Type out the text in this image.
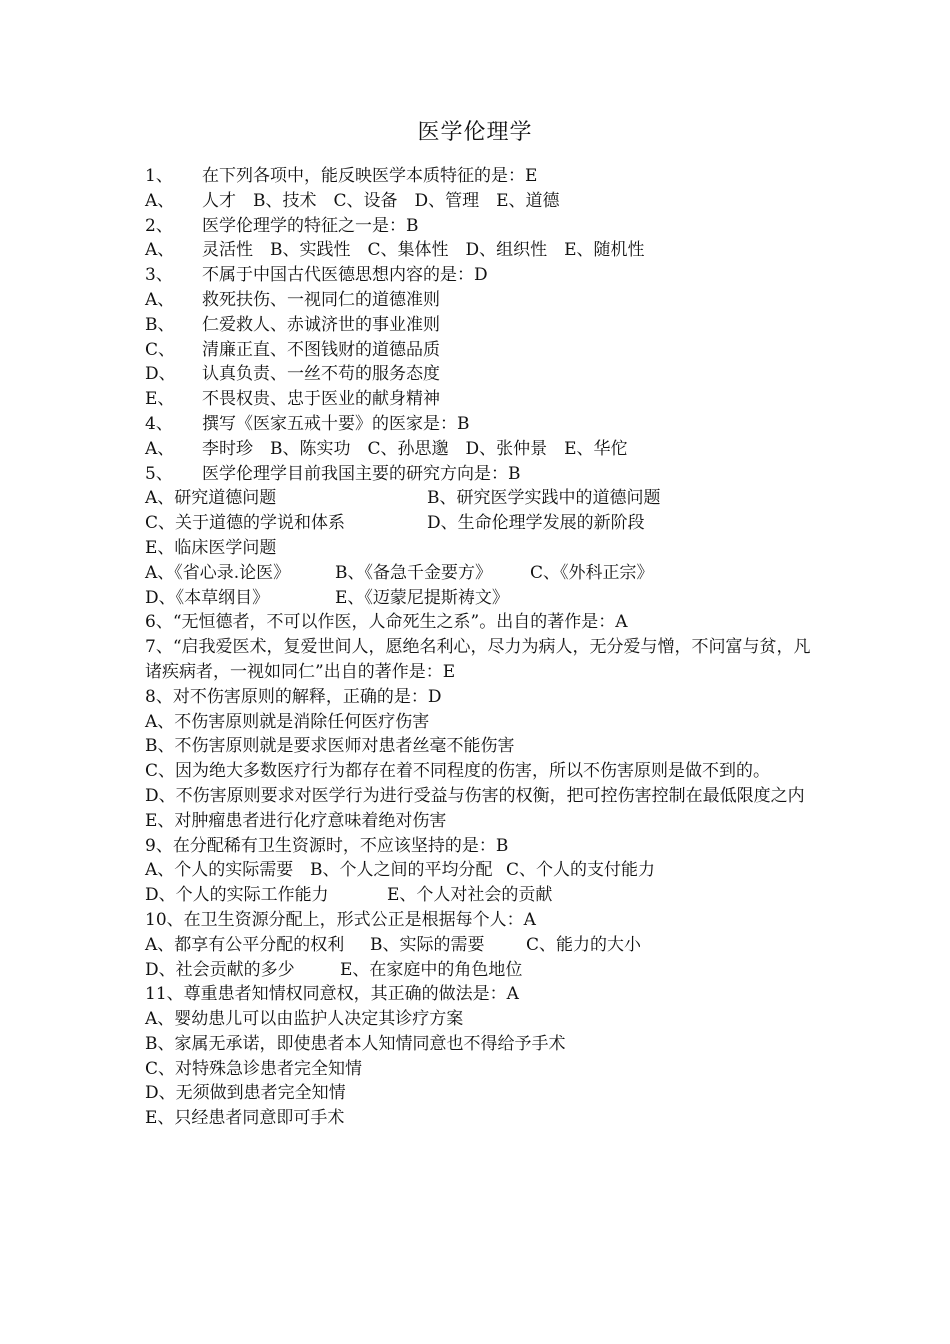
医学伦理学
1、 在下列各项中，能反映医学本质特征的是：E
A、 人才　B、技术　C、设备　D、管理　E、道德
2、 医学伦理学的特征之一是：B
A、 灵活性　B、实践性　C、集体性　D、组织性　E、随机性
3、 不属于中国古代医德思想内容的是：D
A、 救死扶伤、一视同仁的道德准则
B、 仁爱救人、赤诚济世的事业准则
C、 清廉正直、不图钱财的道德品质
D、 认真负责、一丝不苟的服务态度
E、 不畏权贵、忠于医业的献身精神
4、 撰写《医家五戒十要》的医家是：B
A、 李时珍　B、陈实功　C、孙思邈　D、张仲景　E、华佗
5、 医学伦理学目前我国主要的研究方向是：B
A、研究道德问题	B、研究医学实践中的道德问题
C、关于道德的学说和体系	D、生命伦理学发展的新阶段
E、临床医学问题
A、《省心录.论医》	B、《备急千金要方》 C、《外科正宗》
D、《本草纲目》	E、《迈蒙尼提斯祷文》
6、“无恒德者，不可以作医，人命死生之系”。出自的著作是：A

7、“启我爱医术，复爱世间人，愿绝名利心，尽力为病人，无分爱与憎，不问富与贫，凡诸疾病者，一视如同仁”出自的著作是：E

8、对不伤害原则的解释，正确的是：D
A、不伤害原则就是消除任何医疗伤害
B、不伤害原则就是要求医师对患者丝毫不能伤害

C、因为绝大多数医疗行为都存在着不同程度的伤害，所以不伤害原则是做不到的。

D、不伤害原则要求对医学行为进行受益与伤害的权衡，把可控伤害控制在最低限度之内

E、对肿瘤患者进行化疗意味着绝对伤害
9、在分配稀有卫生资源时，不应该坚持的是：B
A、个人的实际需要 B、个人之间的平均分配 C、个人的支付能力
D、个人的实际工作能力	E、个人对社会的贡献
10、在卫生资源分配上，形式公正是根据每个人：A
A、都享有公平分配的权利 B、实际的需要 C、能力的大小
D、社会贡献的多少	E、在家庭中的角色地位
11、尊重患者知情权同意权，其正确的做法是：A
A、婴幼患儿可以由监护人决定其诊疗方案
B、家属无承诺，即使患者本人知情同意也不得给予手术
C、对特殊急诊患者完全知情
D、无须做到患者完全知情
E、只经患者同意即可手术
